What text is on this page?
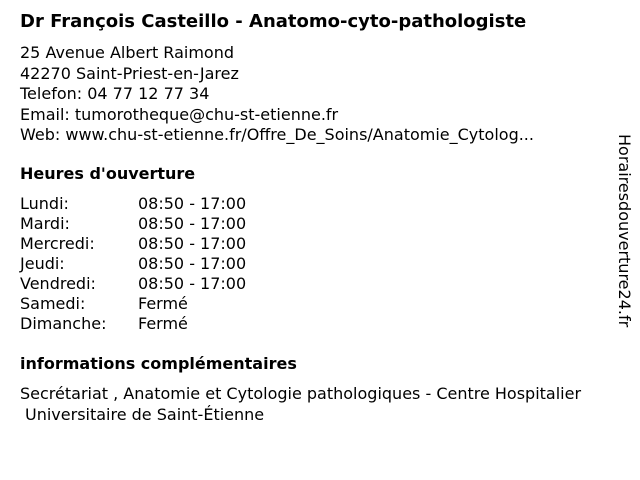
Dr François Casteillo - Anatomo-cyto-pathologiste
25 Avenue Albert Raimond
42270 Saint-Priest-en-Jarez
Telefon: 04 77 12 77 34
Email: tumorotheque@chu-st-etienne.fr
Web: www.chu-st-etienne.fr/Offre_De_Soins/Anatomie_Cytolog...
Heures d'ouverture
Lundi:	08:50 - 17:00
Mardi:	08:50 - 17:00
Mercredi:	08:50 - 17:00
Jeudi:	08:50 - 17:00
Vendredi:	08:50 - 17:00
Samedi:	Fermé
Dimanche: Fermé
informations complémentaires
Secrétariat , Anatomie et Cytologie pathologiques - Centre Hospitalier
Universitaire de Saint-Étienne
Horairesdouverture24.fr
